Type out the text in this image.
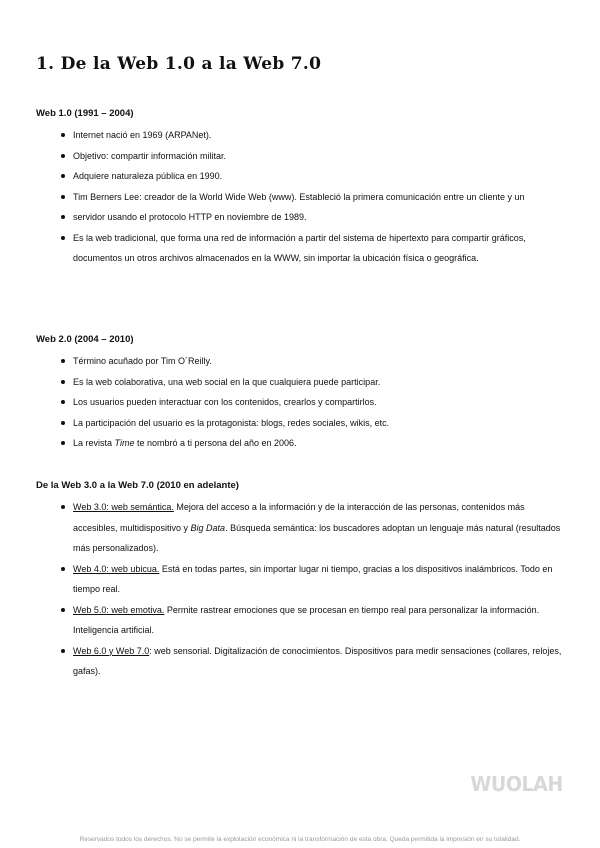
1. De la Web 1.0 a la Web 7.0

Web 1.0 (1991 – 2004)

Internet nació en 1969 (ARPANet).
Objetivo: compartir información militar.
Adquiere naturaleza pública en 1990.
Tim Berners Lee: creador de la World Wide Web (www). Estableció la primera comunicación entre un cliente y un
servidor usando el protocolo HTTP en noviembre de 1989.
Es la web tradicional, que forma una red de información a partir del sistema de hipertexto para compartir gráficos, documentos un otros archivos almacenados en la WWW, sin importar la ubicación física o geográfica.

Web 2.0 (2004 – 2010)

Término acuñado por Tim O´Reilly.
Es la web colaborativa, una web social en la que cualquiera puede participar.
Los usuarios pueden interactuar con los contenidos, crearlos y compartirlos.
La participación del usuario es la protagonista: blogs, redes sociales, wikis, etc.
La revista Time te nombró a ti persona del año en 2006.

De la Web 3.0 a la Web 7.0 (2010 en adelante)

Web 3.0: web semántica. Mejora del acceso a la información y de la interacción de las personas, contenidos más accesibles, multidispositivo y Big Data. Búsqueda semántica: los buscadores adoptan un lenguaje más natural (resultados más personalizados).
Web 4.0: web ubicua. Está en todas partes, sin importar lugar ni tiempo, gracias a los dispositivos inalámbricos. Todo en tiempo real.
Web 5.0: web emotiva. Permite rastrear emociones que se procesan en tiempo real para personalizar la información. Inteligencia artificial.
Web 6.0 y Web 7.0: web sensorial. Digitalización de conocimientos. Dispositivos para medir sensaciones (collares, relojes, gafas).
WUOLAH
Reservados todos los derechos. No se permite la explotación económica ni la transformación de esta obra. Queda permitida la impresión en su totalidad.
